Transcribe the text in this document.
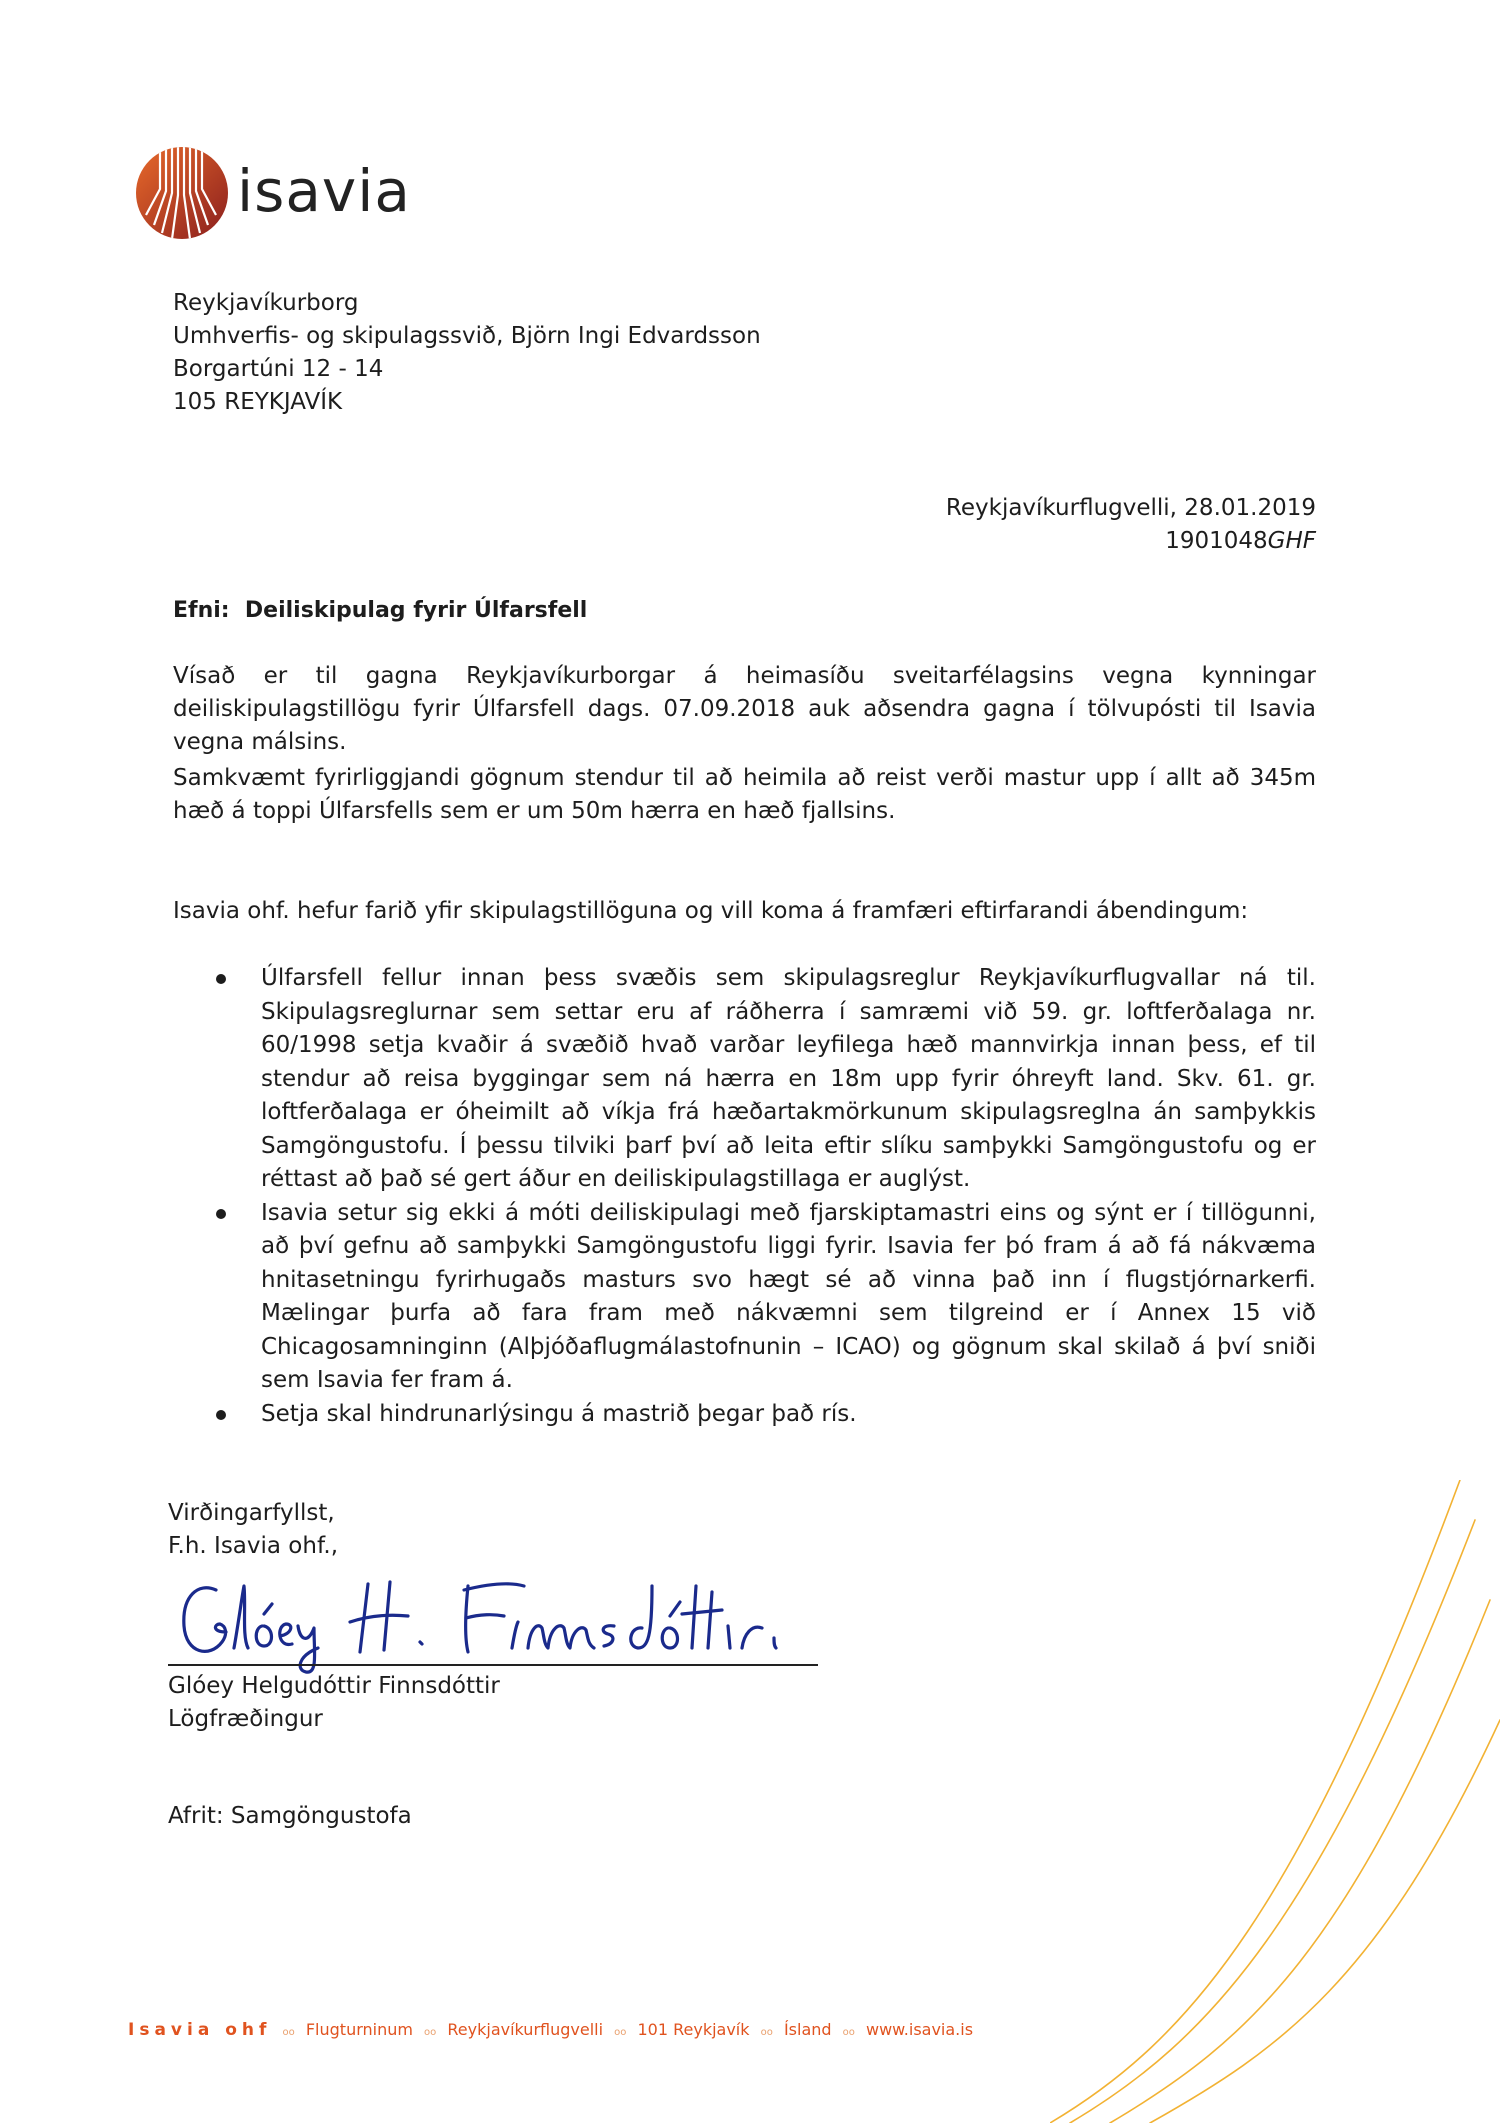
isavia
Reykjavíkurborg
Umhverfis- og skipulagssvið, Björn Ingi Edvardsson
Borgartúni 12 - 14
105 REYKJAVÍK
Reykjavíkurflugvelli, 28.01.2019
1901048GHF
Efni:  Deiliskipulag fyrir Úlfarsfell
Vísað er til gagna Reykjavíkurborgar á heimasíðu sveitarfélagsins vegna kynningar deiliskipulagstillögu fyrir Úlfarsfell dags. 07.09.2018 auk aðsendra gagna í tölvupósti til Isavia vegna málsins.
Samkvæmt fyrirliggjandi gögnum stendur til að heimila að reist verði mastur upp í allt að 345m hæð á toppi Úlfarsfells sem er um 50m hærra en hæð fjallsins.
Isavia ohf. hefur farið yfir skipulagstillöguna og vill koma á framfæri eftirfarandi ábendingum:
Úlfarsfell fellur innan þess svæðis sem skipulagsreglur Reykjavíkurflugvallar ná til. Skipulagsreglurnar sem settar eru af ráðherra í samræmi við 59. gr. loftferðalaga nr. 60/1998 setja kvaðir á svæðið hvað varðar leyfilega hæð mannvirkja innan þess, ef til stendur að reisa byggingar sem ná hærra en 18m upp fyrir óhreyft land. Skv. 61. gr. loftferðalaga er óheimilt að víkja frá hæðartakmörkunum skipulagsreglna án samþykkis Samgöngustofu. Í þessu tilviki þarf því að leita eftir slíku samþykki Samgöngustofu og er réttast að það sé gert áður en deiliskipulagstillaga er auglýst.
Isavia setur sig ekki á móti deiliskipulagi með fjarskiptamastri eins og sýnt er í tillögunni, að því gefnu að samþykki Samgöngustofu liggi fyrir. Isavia fer þó fram á að fá nákvæma hnitasetningu fyrirhugaðs masturs svo hægt sé að vinna það inn í flugstjórnarkerfi. Mælingar þurfa að fara fram með nákvæmni sem tilgreind er í Annex 15 við Chicagosamninginn (Alþjóðaflugmálastofnunin – ICAO) og gögnum skal skilað á því sniði sem Isavia fer fram á.
Setja skal hindrunarlýsingu á mastrið þegar það rís.
Virðingarfyllst,
F.h. Isavia ohf.,
Glóey Helgudóttir Finnsdóttir
Lögfræðingur
Afrit: Samgöngustofa
Isavia ohf oo Flugturninum oo Reykjavíkurflugvelli oo 101 Reykjavík oo Ísland oo www.isavia.is
